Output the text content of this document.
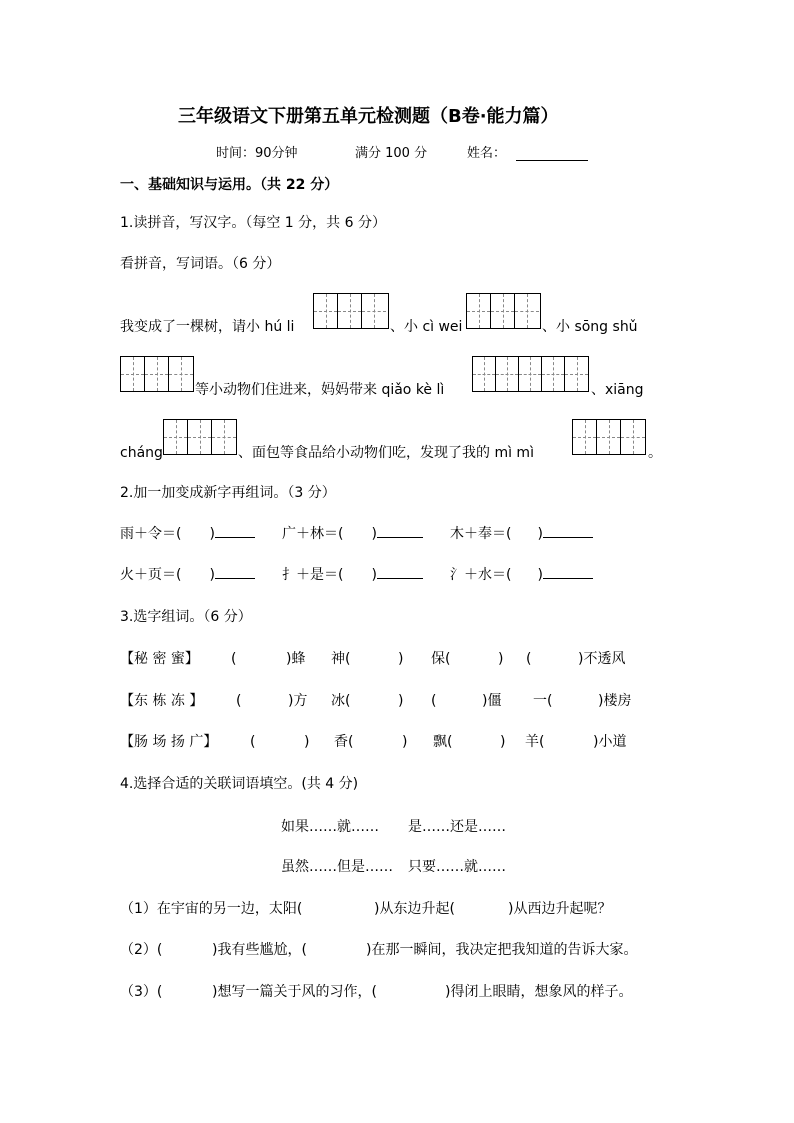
三年级语文下册第五单元检测题（B卷·能力篇）
时间：90分钟	满分 100 分	姓名：
一、基础知识与运用。（共 22 分）
1.读拼音，写汉字。（每空 1 分，共 6 分）
看拼音，写词语。（6 分）
我变成了一棵树，请小 hú li	、小 cì wei	、小 sōng shǔ
等小动物们住进来，妈妈带来 qiǎo kè lì	、xiāng
cháng	、面包等食品给小动物们吃，发现了我的 mì mì	。
2.加一加变成新字再组词。（3 分）
雨＋令＝( )	广＋林＝( )	木＋奉＝( )
火＋页＝( )	扌＋是＝( )	氵＋水＝( )
3.选字组词。（6 分）
【秘 密 蜜】 (	)蜂 神(	) 保(	) (	)不透风
【东 栋 冻 】 (	)方 冰(	) (	)僵 一(	)楼房
【肠 场 扬 广】 (	) 香(	) 飘(	) 羊(	)小道
4.选择合适的关联词语填空。(共 4 分)
如果……就…… 是……还是……
虽然……但是…… 只要……就……
（1）在宇宙的另一边，太阳(	)从东边升起(	)从西边升起呢？
（2）(	)我有些尴尬，(	)在那一瞬间，我决定把我知道的告诉大家。
（3）(	)想写一篇关于风的习作，(	)得闭上眼睛，想象风的样子。
